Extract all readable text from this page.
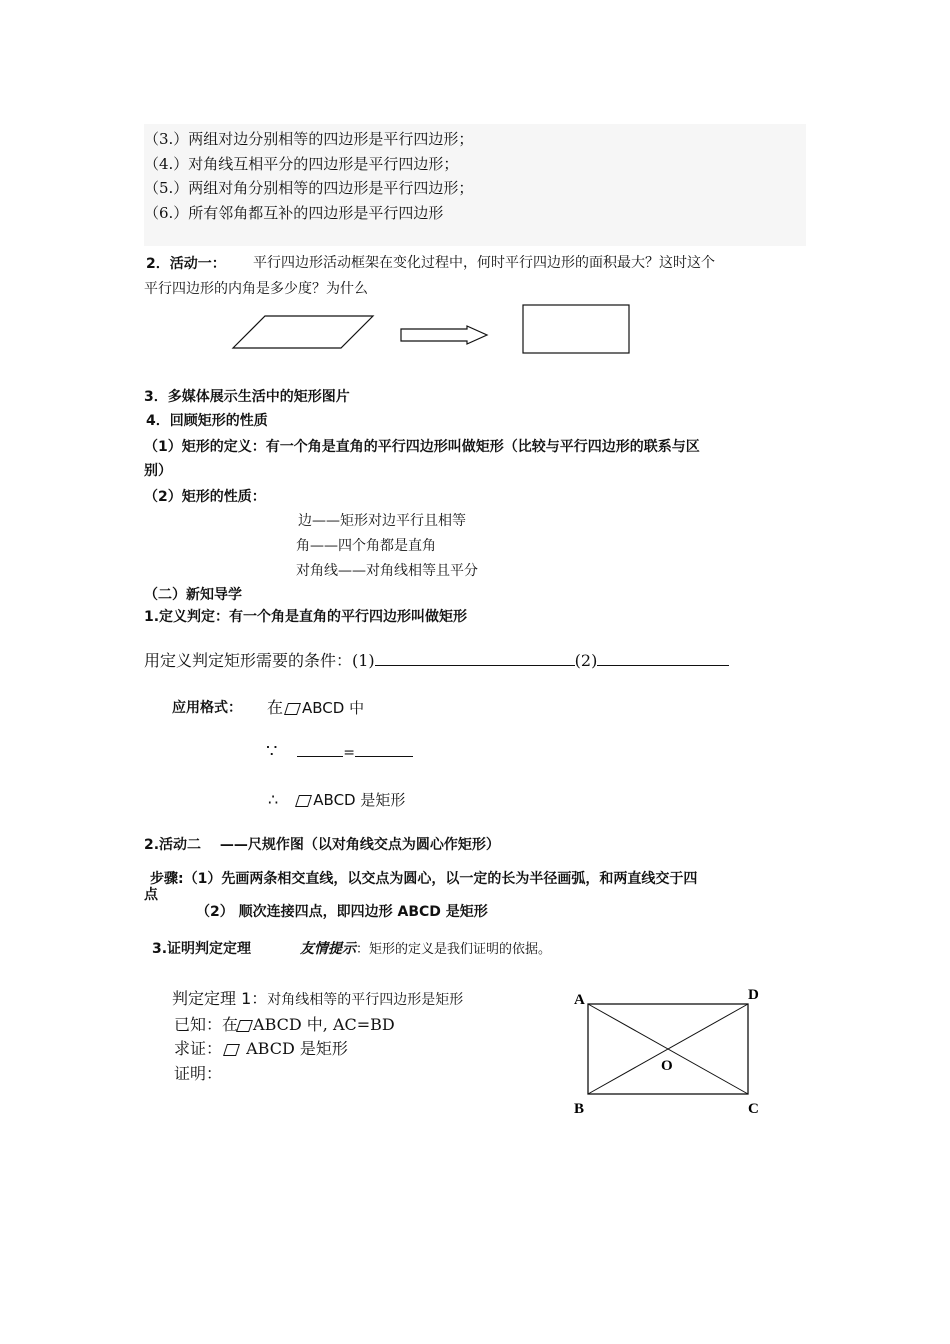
（3.）两组对边分别相等的四边形是平行四边形；
（4.）对角线互相平分的四边形是平行四边形；
（5.）两组对角分别相等的四边形是平行四边形；
（6.）所有邻角都互补的四边形是平行四边形
2．活动一： 平行四边形活动框架在变化过程中，何时平行四边形的面积最大？这时这个
平行四边形的内角是多少度？为什么
3．多媒体展示生活中的矩形图片
4．回顾矩形的性质
（1）矩形的定义：有一个角是直角的平行四边形叫做矩形（比较与平行四边形的联系与区
别）
（2）矩形的性质：
边——矩形对边平行且相等
角——四个角都是直角
对角线——对角线相等且平分
（二）新知导学
1.定义判定：有一个角是直角的平行四边形叫做矩形
用定义判定矩形需要的条件：(1)	(2)
应用格式： 在 ABCD 中
∵	=
∴ ABCD 是矩形
2.活动二　 ——尺规作图（以对角线交点为圆心作矩形）
步骤:（1）先画两条相交直线，以交点为圆心，以一定的长为半径画弧，和两直线交于四
点
（2） 顺次连接四点，即四边形 ABCD 是矩形
3.证明判定定理	友情提示：矩形的定义是我们证明的依据。
判定定理 1：对角线相等的平行四边形是矩形
已知：在 ABCD 中, AC=BD
求证： ABCD 是矩形
证明：
A	D
O
B	C
